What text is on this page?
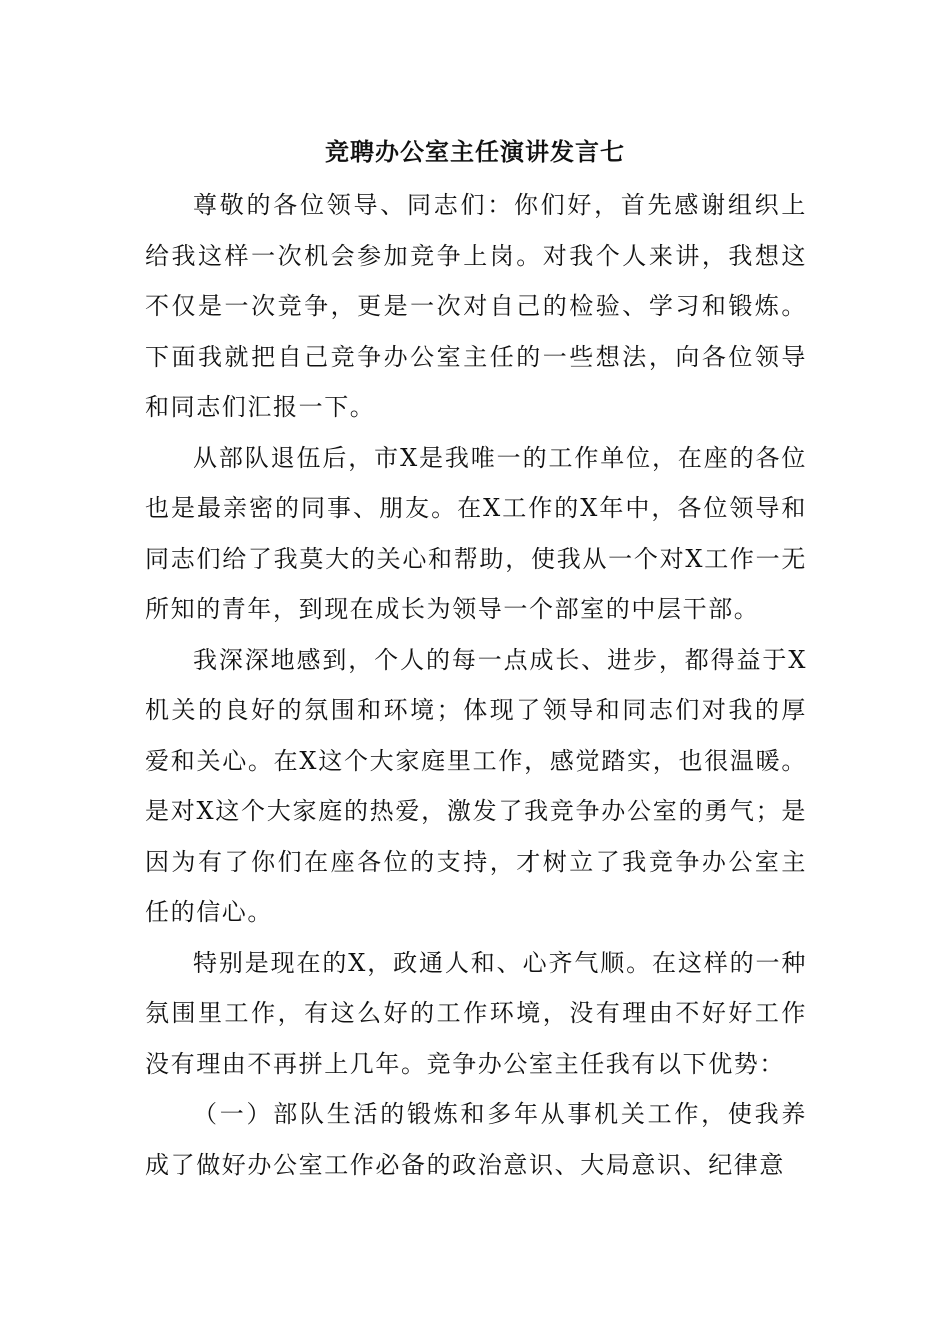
竞聘办公室主任演讲发言七

尊敬的各位领导、同志们：你们好，首先感谢组织上给我这样一次机会参加竞争上岗。对我个人来讲，我想这不仅是一次竞争，更是一次对自己的检验、学习和锻炼。下面我就把自己竞争办公室主任的一些想法，向各位领导和同志们汇报一下。

从部队退伍后，市X是我唯一的工作单位，在座的各位也是最亲密的同事、朋友。在X工作的X年中，各位领导和同志们给了我莫大的关心和帮助，使我从一个对X工作一无所知的青年，到现在成长为领导一个部室的中层干部。

我深深地感到，个人的每一点成长、进步，都得益于X机关的良好的氛围和环境；体现了领导和同志们对我的厚爱和关心。在X这个大家庭里工作，感觉踏实，也很温暖。是对X这个大家庭的热爱，激发了我竞争办公室的勇气；是因为有了你们在座各位的支持，才树立了我竞争办公室主任的信心。

特别是现在的X，政通人和、心齐气顺。在这样的一种氛围里工作，有这么好的工作环境，没有理由不好好工作没有理由不再拼上几年。竞争办公室主任我有以下优势：

（一）部队生活的锻炼和多年从事机关工作，使我养成了做好办公室工作必备的政治意识、大局意识、纪律意
